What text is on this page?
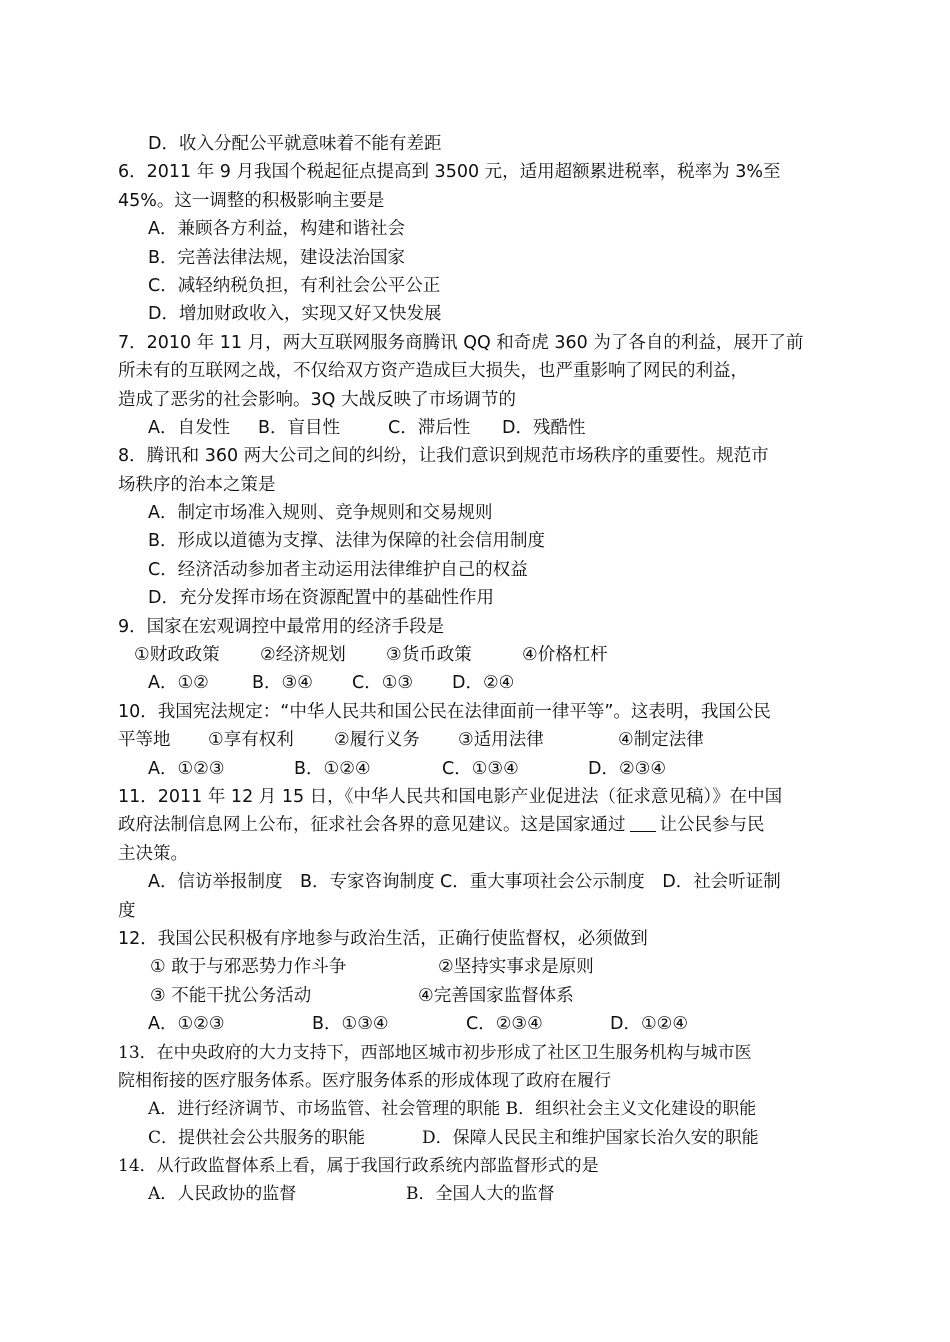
D．收入分配公平就意味着不能有差距
6．2011 年 9 月我国个税起征点提高到 3500 元，适用超额累进税率，税率为 3%至
45%。这一调整的积极影响主要是
A．兼顾各方利益，构建和谐社会
B．完善法律法规，建设法治国家
C．减轻纳税负担，有利社会公平公正
D．增加财政收入，实现又好又快发展
7．2010 年 11 月，两大互联网服务商腾讯 QQ 和奇虎 360 为了各自的利益，展开了前
所未有的互联网之战，不仅给双方资产造成巨大损失，也严重影响了网民的利益，
造成了恶劣的社会影响。3Q 大战反映了市场调节的
A．自发性 B．盲目性	C．滞后性 D．残酷性
8．腾讯和 360 两大公司之间的纠纷，让我们意识到规范市场秩序的重要性。规范市
场秩序的治本之策是
A．制定市场准入规则、竞争规则和交易规则
B．形成以道德为支撑、法律为保障的社会信用制度
C．经济活动参加者主动运用法律维护自己的权益
D．充分发挥市场在资源配置中的基础性作用
9．国家在宏观调控中最常用的经济手段是
①财政政策 ②经济规划 ③货币政策	④价格杠杆
A．①② B．③④ C．①③ D．②④
10．我国宪法规定：“中华人民共和国公民在法律面前一律平等”。这表明，我国公民
平等地 ①享有权利 ②履行义务 ③适用法律	④制定法律
A．①②③	B．①②④	C．①③④	D．②③④
11．2011 年 12 月 15 日，《中华人民共和国电影产业促进法（征求意见稿）》在中国
政府法制信息网上公布，征求社会各界的意见建议。这是国家通过 让公民参与民
主决策。
A．信访举报制度　B．专家咨询制度 C．重大事项社会公示制度　D．社会听证制
度
12．我国公民积极有序地参与政治生活，正确行使监督权，必须做到
① 敢于与邪恶势力作斗争	②坚持实事求是原则
③ 不能干扰公务活动	④完善国家监督体系
A．①②③	B．①③④	C．②③④	D．①②④
13．在中央政府的大力支持下，西部地区城市初步形成了社区卫生服务机构与城市医
院相衔接的医疗服务体系。医疗服务体系的形成体现了政府在履行
A．进行经济调节、市场监管、社会管理的职能 B．组织社会主义文化建设的职能
C．提供社会公共服务的职能	D．保障人民民主和维护国家长治久安的职能
14．从行政监督体系上看，属于我国行政系统内部监督形式的是
A．人民政协的监督	B．全国人大的监督
